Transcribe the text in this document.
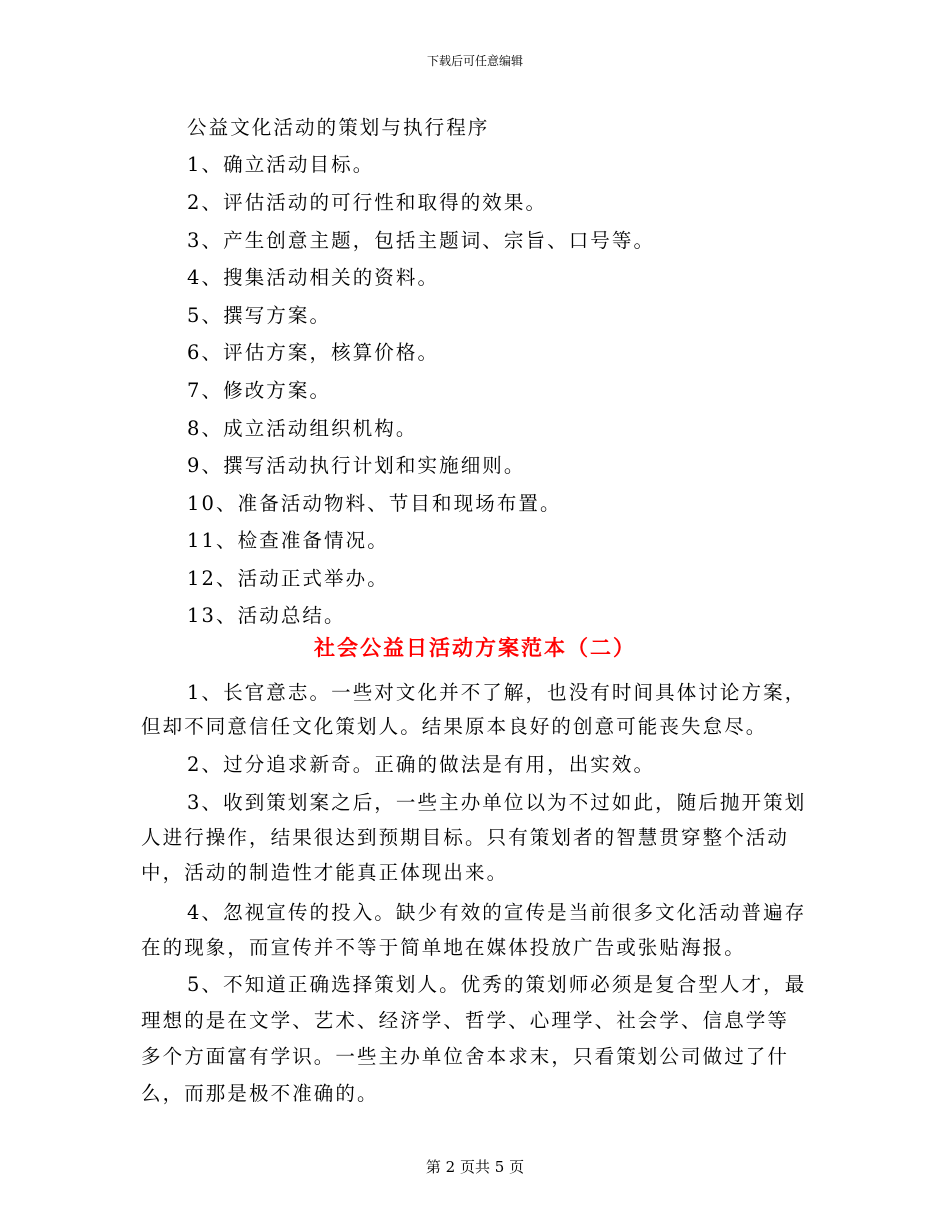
下载后可任意编辑
公益文化活动的策划与执行程序
1、确立活动目标。
2、评估活动的可行性和取得的效果。
3、产生创意主题，包括主题词、宗旨、口号等。
4、搜集活动相关的资料。
5、撰写方案。
6、评估方案，核算价格。
7、修改方案。
8、成立活动组织机构。
9、撰写活动执行计划和实施细则。
10、准备活动物料、节目和现场布置。
11、检查准备情况。
12、活动正式举办。
13、活动总结。
社会公益日活动方案范本（二）
1、长官意志。一些对文化并不了解，也没有时间具体讨论方案，
但却不同意信任文化策划人。结果原本良好的创意可能丧失怠尽。
2、过分追求新奇。正确的做法是有用，出实效。
3、收到策划案之后，一些主办单位以为不过如此，随后抛开策划
人进行操作，结果很达到预期目标。只有策划者的智慧贯穿整个活动
中，活动的制造性才能真正体现出来。
4、忽视宣传的投入。缺少有效的宣传是当前很多文化活动普遍存
在的现象，而宣传并不等于简单地在媒体投放广告或张贴海报。
5、不知道正确选择策划人。优秀的策划师必须是复合型人才，最
理想的是在文学、艺术、经济学、哲学、心理学、社会学、信息学等
多个方面富有学识。一些主办单位舍本求末，只看策划公司做过了什
么，而那是极不准确的。
第 2 页共 5 页
